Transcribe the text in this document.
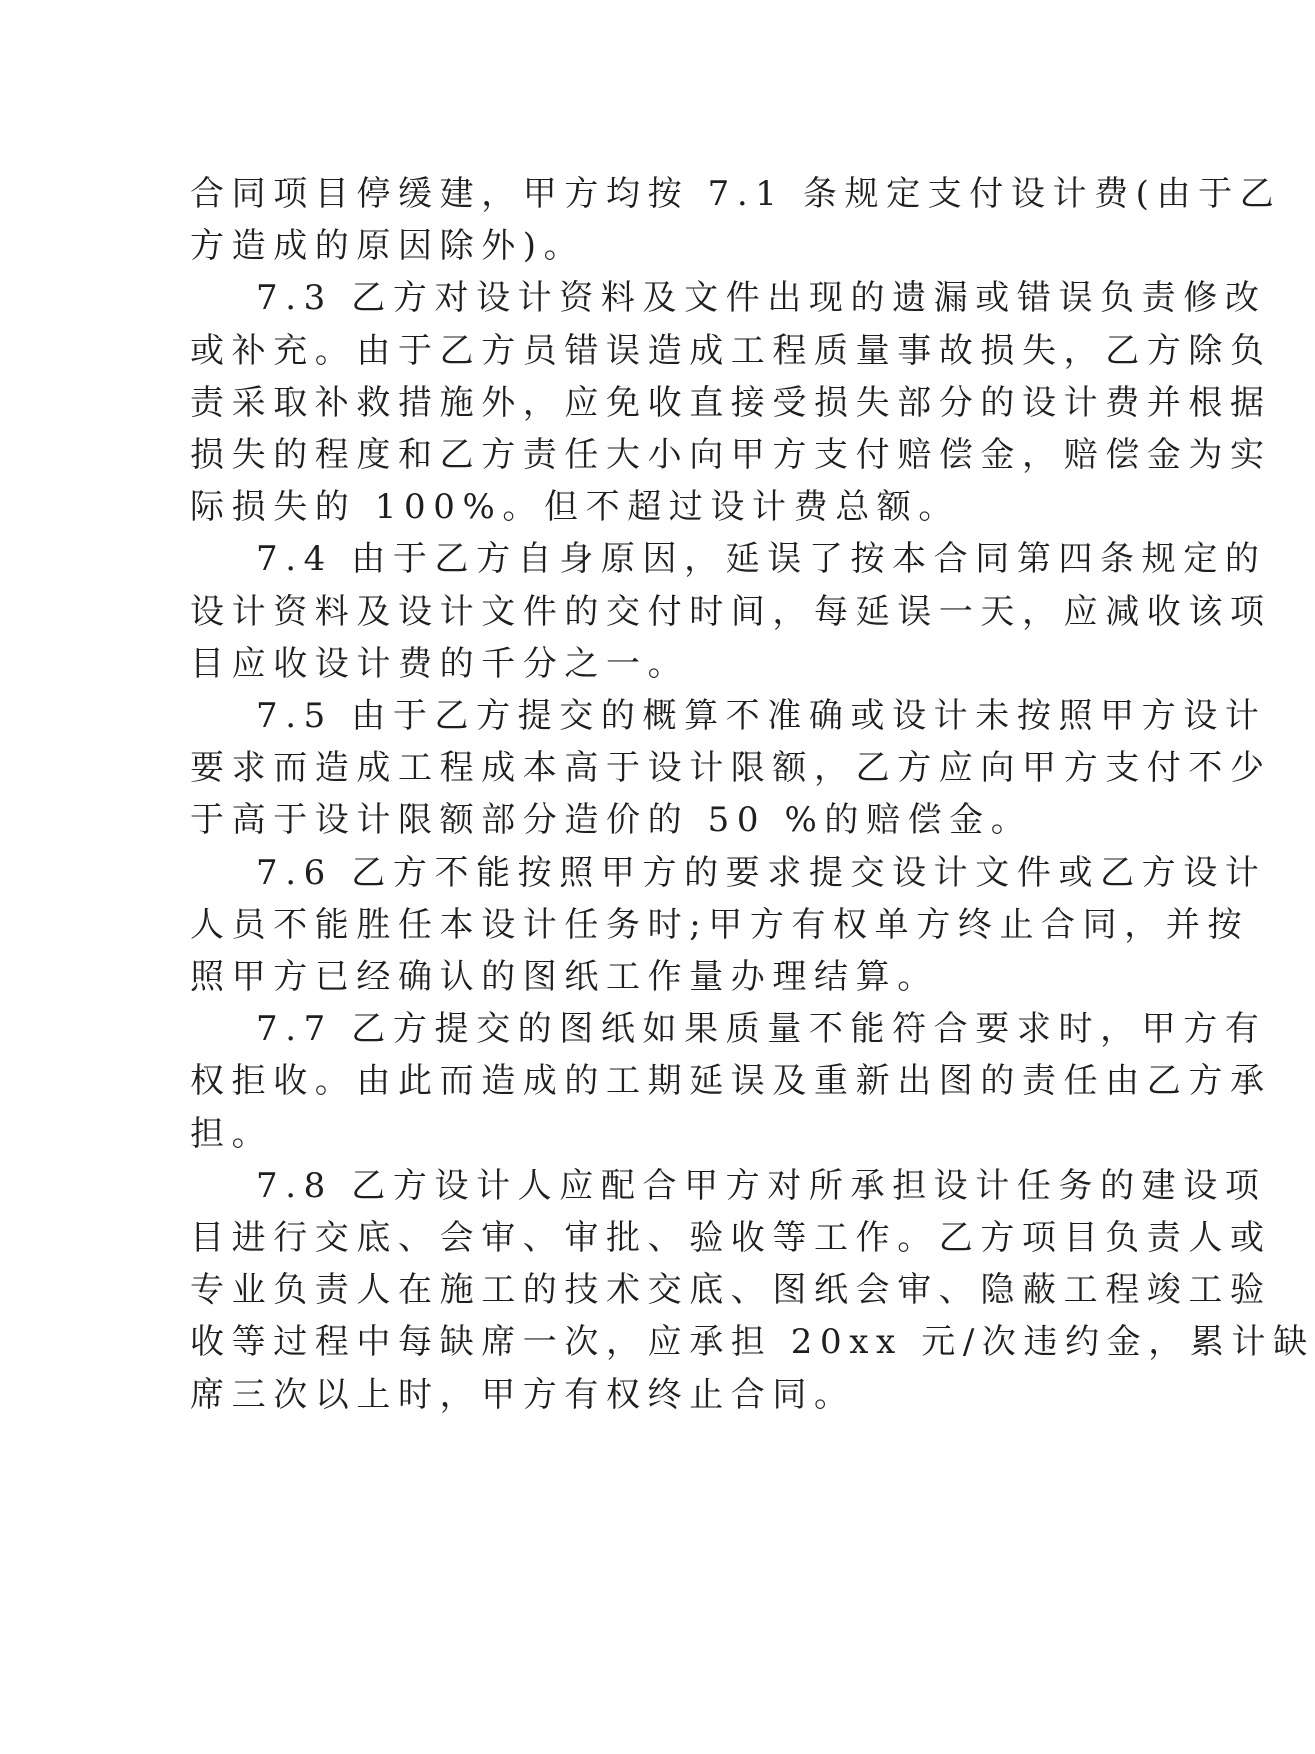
合同项目停缓建，甲方均按 7.1 条规定支付设计费(由于乙
方造成的原因除外)。
7.3 乙方对设计资料及文件出现的遗漏或错误负责修改
或补充。由于乙方员错误造成工程质量事故损失，乙方除负
责采取补救措施外，应免收直接受损失部分的设计费并根据
损失的程度和乙方责任大小向甲方支付赔偿金，赔偿金为实
际损失的 100%。但不超过设计费总额。
7.4 由于乙方自身原因，延误了按本合同第四条规定的
设计资料及设计文件的交付时间，每延误一天，应减收该项
目应收设计费的千分之一。
7.5 由于乙方提交的概算不准确或设计未按照甲方设计
要求而造成工程成本高于设计限额，乙方应向甲方支付不少
于高于设计限额部分造价的 50 %的赔偿金。
7.6 乙方不能按照甲方的要求提交设计文件或乙方设计
人员不能胜任本设计任务时;甲方有权单方终止合同，并按
照甲方已经确认的图纸工作量办理结算。
7.7 乙方提交的图纸如果质量不能符合要求时，甲方有
权拒收。由此而造成的工期延误及重新出图的责任由乙方承
担。
7.8 乙方设计人应配合甲方对所承担设计任务的建设项
目进行交底、会审、审批、验收等工作。乙方项目负责人或
专业负责人在施工的技术交底、图纸会审、隐蔽工程竣工验
收等过程中每缺席一次，应承担 20xx 元/次违约金，累计缺
席三次以上时，甲方有权终止合同。
